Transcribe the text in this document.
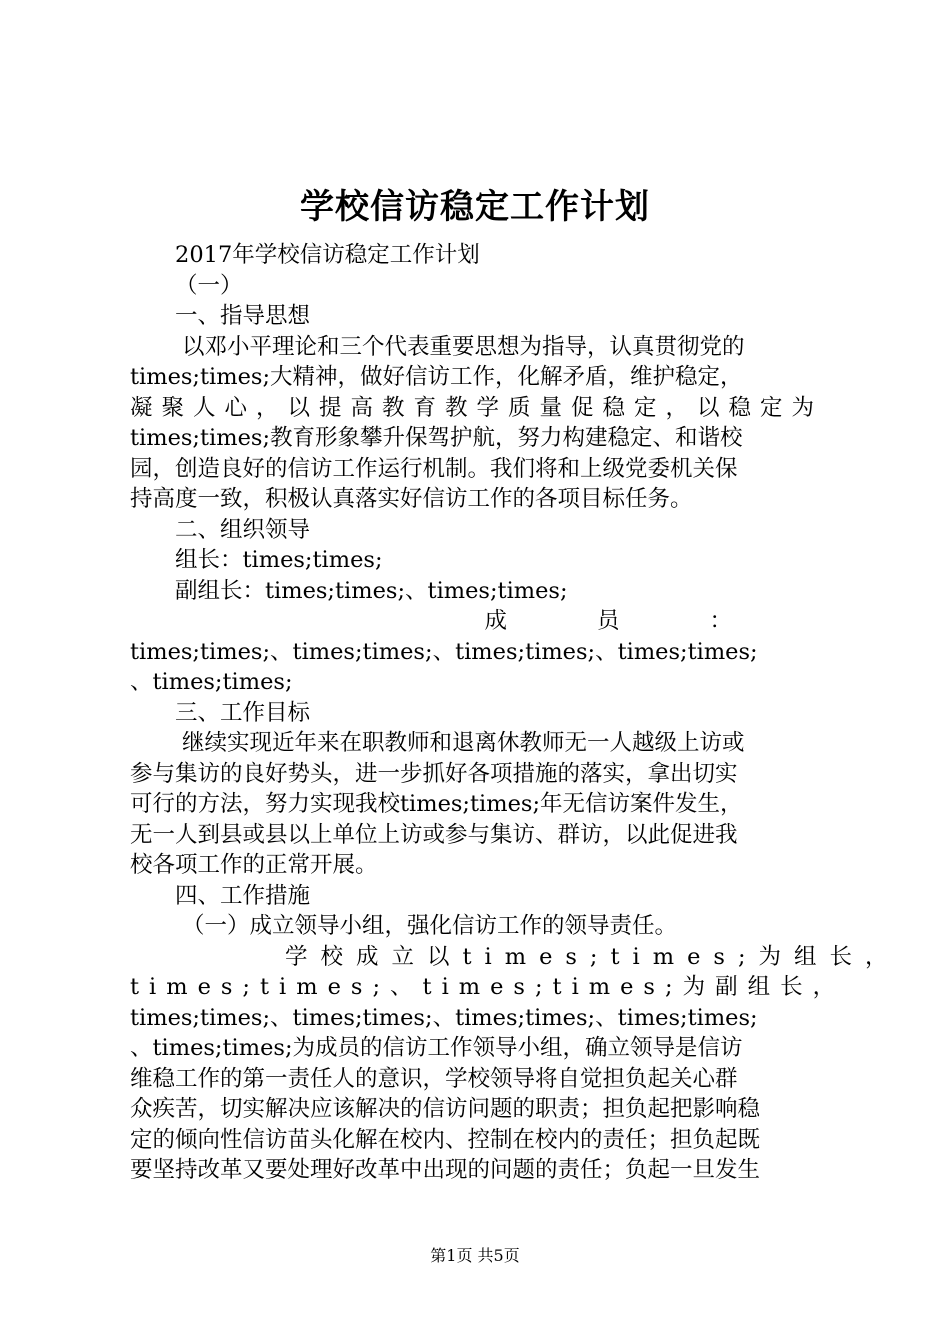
学校信访稳定工作计划
2017年学校信访稳定工作计划
（一）
一、指导思想
以邓小平理论和三个代表重要思想为指导，认真贯彻党的
times;times;大精神，做好信访工作，化解矛盾，维护稳定，
凝聚人心，以提高教育教学质量促稳定，以稳定为
times;times;教育形象攀升保驾护航，努力构建稳定、和谐校
园，创造良好的信访工作运行机制。我们将和上级党委机关保
持高度一致，积极认真落实好信访工作的各项目标任务。
二、组织领导
组长：times;times;
副组长：times;times;、times;times;
成员：
times;times;、times;times;、times;times;、times;times;
、times;times;
三、工作目标
继续实现近年来在职教师和退离休教师无一人越级上访或
参与集访的良好势头，进一步抓好各项措施的落实，拿出切实
可行的方法，努力实现我校times;times;年无信访案件发生，
无一人到县或县以上单位上访或参与集访、群访，以此促进我
校各项工作的正常开展。
四、工作措施
（一）成立领导小组，强化信访工作的领导责任。
学校成立以times;times;为组长，
times;times;、times;times;为副组长，
times;times;、times;times;、times;times;、times;times;
、times;times;为成员的信访工作领导小组，确立领导是信访
维稳工作的第一责任人的意识，学校领导将自觉担负起关心群
众疾苦，切实解决应该解决的信访问题的职责；担负起把影响稳
定的倾向性信访苗头化解在校内、控制在校内的责任；担负起既
要坚持改革又要处理好改革中出现的问题的责任；负起一旦发生
第1页 共5页
